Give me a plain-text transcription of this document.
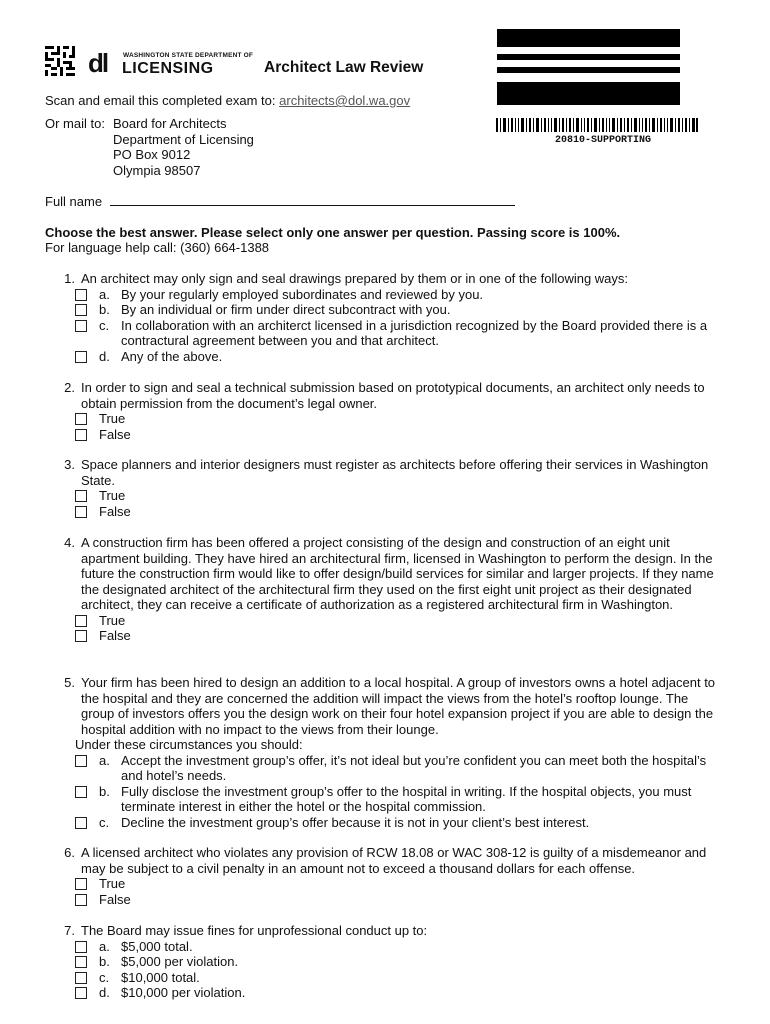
dl WASHINGTON STATE DEPARTMENT OF
LICENSING	Architect Law Review
20810-SUPPORTING
Scan and email this completed exam to: architects@dol.wa.gov
Or mail to: Board for Architects
Department of Licensing
PO Box 9012
Olympia 98507
Full name
Choose the best answer. Please select only one answer per question. Passing score is 100%.
For language help call: (360) 664-1388
1. An architect may only sign and seal drawings prepared by them or in one of the following ways:
a. By your regularly employed subordinates and reviewed by you.
b. By an individual or firm under direct subcontract with you.
c. In collaboration with an architerct licensed in a jurisdiction recognized by the Board provided there is a contractural agreement between you and that architect.
d. Any of the above.
2. In order to sign and seal a technical submission based on prototypical documents, an architect only needs to obtain permission from the document’s legal owner.
True
False
3. Space planners and interior designers must register as architects before offering their services in Washington State.
True
False
4. A construction firm has been offered a project consisting of the design and construction of an eight unit apartment building. They have hired an architectural firm, licensed in Washington to perform the design. In the future the construction firm would like to offer design/build services for similar and larger projects. If they name the designated architect of the architectural firm they used on the first eight unit project as their designated architect, they can receive a certificate of authorization as a registered architectural firm in Washington.
True
False
5. Your firm has been hired to design an addition to a local hospital. A group of investors owns a hotel adjacent to the hospital and they are concerned the addition will impact the views from the hotel’s rooftop lounge. The group of investors offers you the design work on their four hotel expansion project if you are able to design the hospital addition with no impact to the views from their lounge.
Under these circumstances you should:
a. Accept the investment group’s offer, it’s not ideal but you’re confident you can meet both the hospital’s and hotel’s needs.
b. Fully disclose the investment group’s offer to the hospital in writing. If the hospital objects, you must terminate interest in either the hotel or the hospital commission.
c. Decline the investment group’s offer because it is not in your client’s best interest.
6. A licensed architect who violates any provision of RCW 18.08 or WAC 308-12 is guilty of a misdemeanor and may be subject to a civil penalty in an amount not to exceed a thousand dollars for each offense.
True
False
7. The Board may issue fines for unprofessional conduct up to:
a. $5,000 total.
b. $5,000 per violation.
c. $10,000 total.
d. $10,000 per violation.
